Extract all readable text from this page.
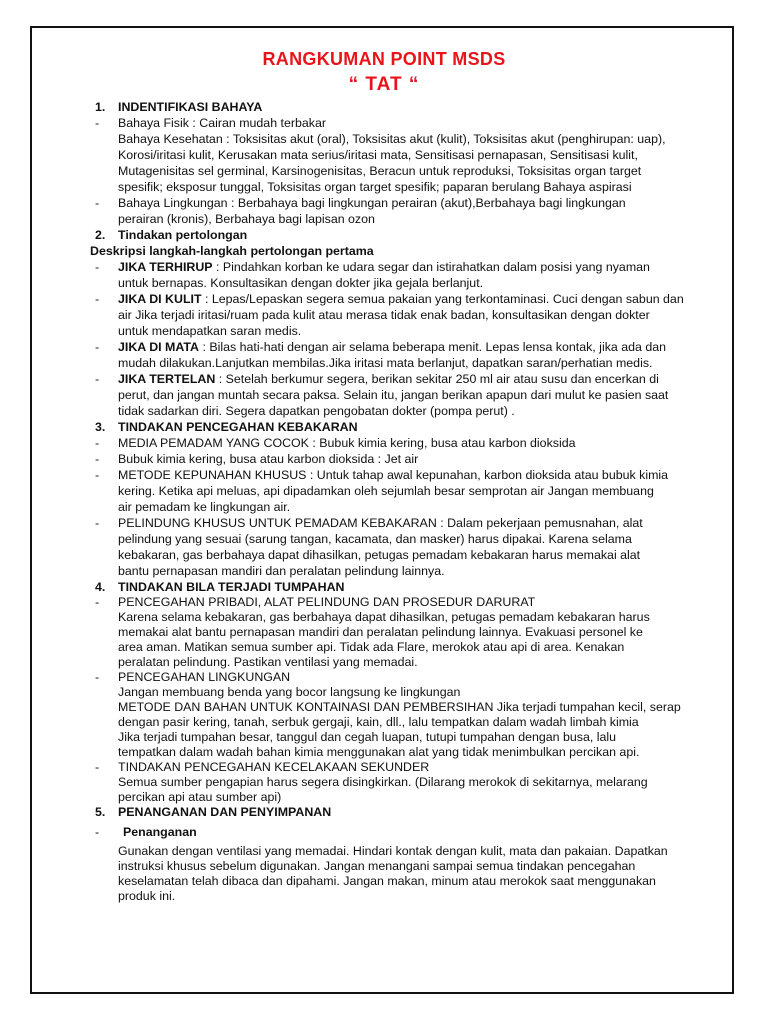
RANGKUMAN POINT MSDS
“ TAT “
1. INDENTIFIKASI BAHAYA
- Bahaya Fisik : Cairan mudah terbakar
Bahaya Kesehatan : Toksisitas akut (oral), Toksisitas akut (kulit), Toksisitas akut (penghirupan: uap),
Korosi/iritasi kulit, Kerusakan mata serius/iritasi mata, Sensitisasi pernapasan, Sensitisasi kulit,
Mutagenisitas sel germinal, Karsinogenisitas, Beracun untuk reproduksi, Toksisitas organ target
spesifik; eksposur tunggal, Toksisitas organ target spesifik; paparan berulang Bahaya aspirasi
- Bahaya Lingkungan : Berbahaya bagi lingkungan perairan (akut),Berbahaya bagi lingkungan
perairan (kronis), Berbahaya bagi lapisan ozon
2. Tindakan pertolongan
Deskripsi langkah-langkah pertolongan pertama
- JIKA TERHIRUP : Pindahkan korban ke udara segar dan istirahatkan dalam posisi yang nyaman
untuk bernapas. Konsultasikan dengan dokter jika gejala berlanjut.
- JIKA DI KULIT : Lepas/Lepaskan segera semua pakaian yang terkontaminasi. Cuci dengan sabun dan
air Jika terjadi iritasi/ruam pada kulit atau merasa tidak enak badan, konsultasikan dengan dokter
untuk mendapatkan saran medis.
- JIKA DI MATA : Bilas hati-hati dengan air selama beberapa menit. Lepas lensa kontak, jika ada dan
mudah dilakukan.Lanjutkan membilas.Jika iritasi mata berlanjut, dapatkan saran/perhatian medis.
- JIKA TERTELAN : Setelah berkumur segera, berikan sekitar 250 ml air atau susu dan encerkan di
perut, dan jangan muntah secara paksa. Selain itu, jangan berikan apapun dari mulut ke pasien saat
tidak sadarkan diri. Segera dapatkan pengobatan dokter (pompa perut) .
3. TINDAKAN PENCEGAHAN KEBAKARAN
- MEDIA PEMADAM YANG COCOK : Bubuk kimia kering, busa atau karbon dioksida
- Bubuk kimia kering, busa atau karbon dioksida : Jet air
- METODE KEPUNAHAN KHUSUS : Untuk tahap awal kepunahan, karbon dioksida atau bubuk kimia
kering. Ketika api meluas, api dipadamkan oleh sejumlah besar semprotan air Jangan membuang
air pemadam ke lingkungan air.
- PELINDUNG KHUSUS UNTUK PEMADAM KEBAKARAN : Dalam pekerjaan pemusnahan, alat
pelindung yang sesuai (sarung tangan, kacamata, dan masker) harus dipakai. Karena selama
kebakaran, gas berbahaya dapat dihasilkan, petugas pemadam kebakaran harus memakai alat
bantu pernapasan mandiri dan peralatan pelindung lainnya.
4. TINDAKAN BILA TERJADI TUMPAHAN
- PENCEGAHAN PRIBADI, ALAT PELINDUNG DAN PROSEDUR DARURAT
Karena selama kebakaran, gas berbahaya dapat dihasilkan, petugas pemadam kebakaran harus
memakai alat bantu pernapasan mandiri dan peralatan pelindung lainnya. Evakuasi personel ke
area aman. Matikan semua sumber api. Tidak ada Flare, merokok atau api di area. Kenakan
peralatan pelindung. Pastikan ventilasi yang memadai.
- PENCEGAHAN LINGKUNGAN
Jangan membuang benda yang bocor langsung ke lingkungan
METODE DAN BAHAN UNTUK KONTAINASI DAN PEMBERSIHAN Jika terjadi tumpahan kecil, serap
dengan pasir kering, tanah, serbuk gergaji, kain, dll., lalu tempatkan dalam wadah limbah kimia
Jika terjadi tumpahan besar, tanggul dan cegah luapan, tutupi tumpahan dengan busa, lalu
tempatkan dalam wadah bahan kimia menggunakan alat yang tidak menimbulkan percikan api.
- TINDAKAN PENCEGAHAN KECELAKAAN SEKUNDER
Semua sumber pengapian harus segera disingkirkan. (Dilarang merokok di sekitarnya, melarang
percikan api atau sumber api)
5. PENANGANAN DAN PENYIMPANAN
- Penanganan
Gunakan dengan ventilasi yang memadai. Hindari kontak dengan kulit, mata dan pakaian. Dapatkan
instruksi khusus sebelum digunakan. Jangan menangani sampai semua tindakan pencegahan
keselamatan telah dibaca dan dipahami. Jangan makan, minum atau merokok saat menggunakan
produk ini.
